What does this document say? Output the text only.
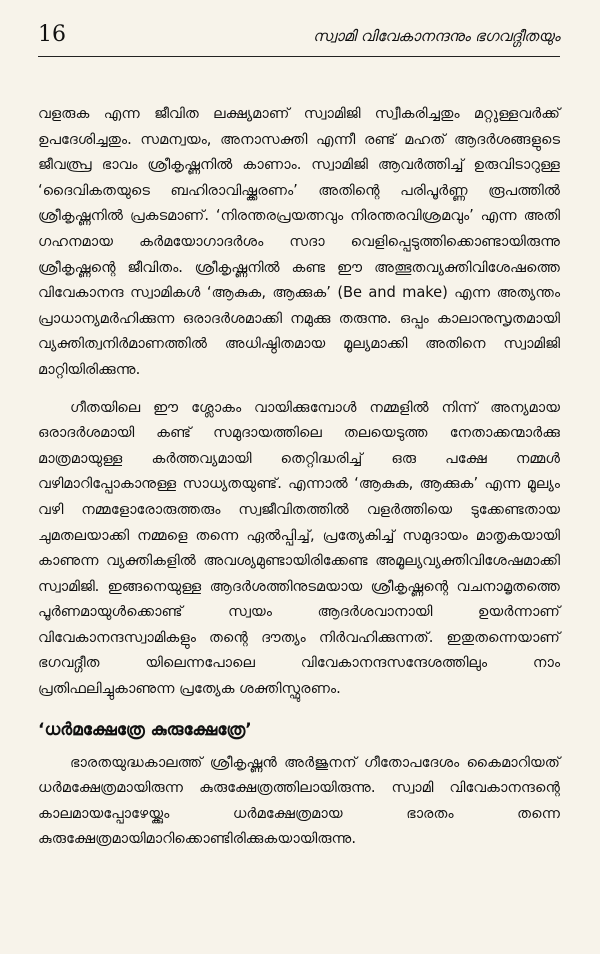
16	സ്വാമി വിവേകാനന്ദനും ഭഗവദ്ഗീതയും

വളരുക എന്ന ജീവിത ലക്ഷ്യമാണ് സ്വാമിജി സ്വീകരിച്ചതും മറ്റുള്ളവർക്ക് ഉപദേശിച്ചതും. സമന്വയം, അനാസക്തി എന്നീ രണ്ട് മഹത് ആദർശങ്ങളുടെ ജീവത്പ്ര ഭാവം ശ്രീകൃഷ്ണനിൽ കാണാം. സ്വാമിജി ആവർത്തിച്ച് ഉരുവിടാറുള്ള ‘ദൈവികതയുടെ ബഹിരാവിഷ്ക്കരണം’ അതിന്റെ പരിപൂർണ്ണ രൂപത്തിൽ ശ്രീകൃഷ്ണനിൽ പ്രകടമാണ്. ‘നിരന്തരപ്രയത്നവും നിരന്തരവിശ്രമവും’ എന്ന അതി ഗഹനമായ കർമയോഗാദർശം സദാ വെളിപ്പെടുത്തിക്കൊണ്ടായിരുന്നു ശ്രീകൃഷ്ണന്റെ ജീവിതം. ശ്രീകൃഷ്ണനിൽ കണ്ട ഈ അത്ഭുതവ്യക്തിവിശേഷത്തെ വിവേകാനന്ദ സ്വാമികൾ ‘ആകുക, ആക്കുക’ (Be and make) എന്ന അത്യന്തം പ്രാധാന്യമർഹിക്കുന്ന ഒരാദർശമാക്കി നമുക്കു തരുന്നു. ഒപ്പം കാലാനുസൃതമായി വ്യക്തിത്വനിർമാണത്തിൽ അധിഷ്ഠിതമായ മൂല്യമാക്കി അതിനെ സ്വാമിജി മാറ്റിയിരിക്കുന്നു.

ഗീതയിലെ ഈ ശ്ലോകം വായിക്കുമ്പോൾ നമ്മളിൽ നിന്ന് അന്യമായ ഒരാദർശമായി കണ്ട് സമുദായത്തിലെ തലയെടുത്ത നേതാക്കന്മാർക്കു മാത്രമായുള്ള കർത്തവ്യമായി തെറ്റിദ്ധരിച്ച് ഒരു പക്ഷേ നമ്മൾ വഴിമാറിപ്പോകാനുള്ള സാധ്യതയുണ്ട്. എന്നാൽ ‘ആകുക, ആക്കുക’ എന്ന മൂല്യം വഴി നമ്മളോരോരുത്തരും സ്വജീവിതത്തിൽ വളർത്തിയെ ടുക്കേണ്ടതായ ചുമതലയാക്കി നമ്മളെ തന്നെ ഏൽപ്പിച്ച്, പ്രത്യേകിച്ച് സമുദായം മാതൃകയായി കാണുന്ന വ്യക്തികളിൽ അവശ്യമുണ്ടായിരിക്കേണ്ട അമൂല്യവ്യക്തിവിശേഷമാക്കി സ്വാമിജി. ഇങ്ങനെയുള്ള ആദർശത്തിനുടമയായ ശ്രീകൃഷ്ണന്റെ വചനാമൃതത്തെ പൂർണമായുൾക്കൊണ്ട് സ്വയം ആദർശവാനായി ഉയർന്നാണ് വിവേകാനന്ദസ്വാമികളും തന്റെ ദൗത്യം നിർവഹിക്കുന്നത്. ഇതുതന്നെയാണ് ഭഗവദ്ഗീത യിലെന്നപോലെ വിവേകാനന്ദസന്ദേശത്തിലും നാം പ്രതിഫലിച്ചുകാണുന്ന പ്രത്യേക ശക്തിസ്ഫുരണം.

‘ധർമക്ഷേത്രേ കുരുക്ഷേത്രേ’

ഭാരതയുദ്ധകാലത്ത് ശ്രീകൃഷ്ണൻ അർജുനന് ഗീതോപദേശം കൈമാറിയത് ധർമക്ഷേത്രമായിരുന്ന കുരുക്ഷേത്രത്തിലായിരുന്നു. സ്വാമി വിവേകാനന്ദന്റെ കാലമായപ്പോഴേയ്ക്കും ധർമക്ഷേത്രമായ ഭാരതം തന്നെ കുരുക്ഷേത്രമായിമാറിക്കൊണ്ടിരിക്കുകയായിരുന്നു.
